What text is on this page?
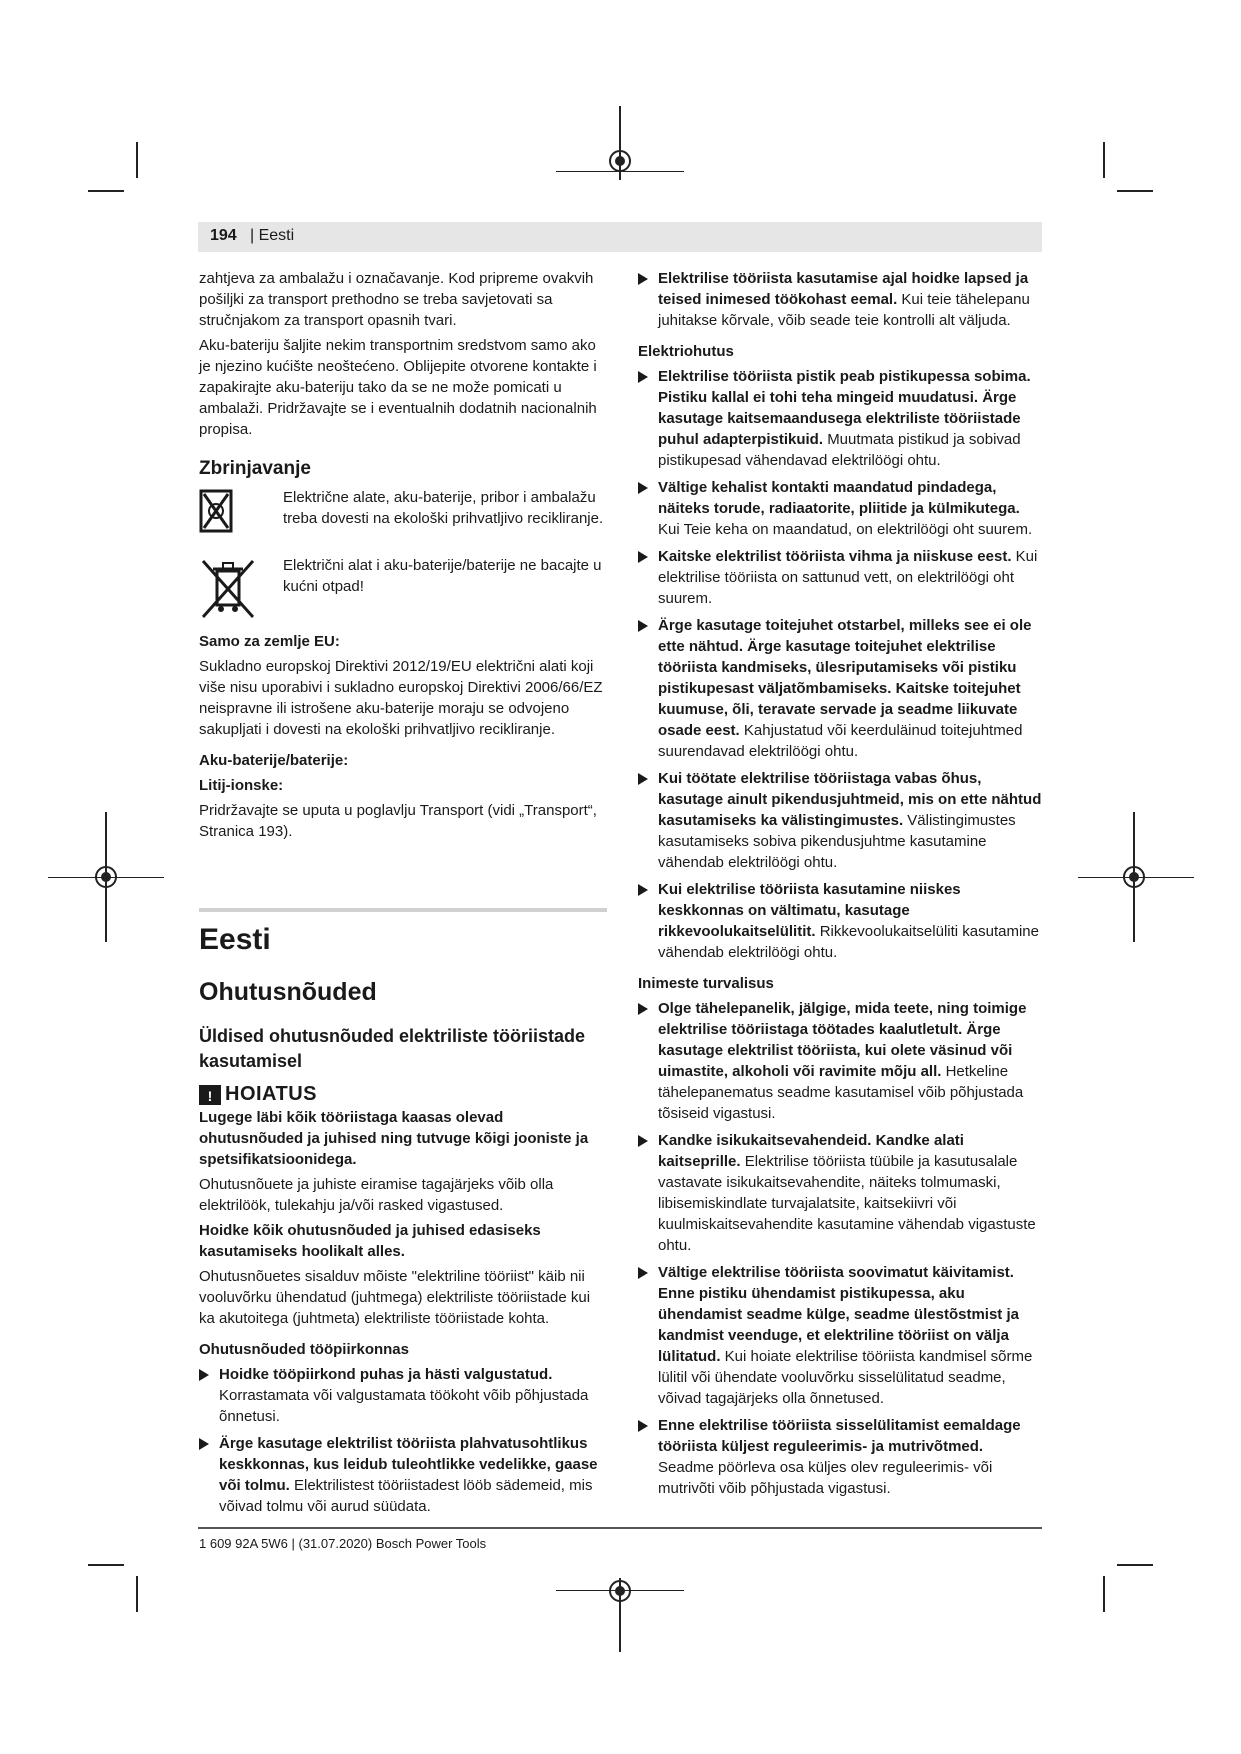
194 | Eesti

zahtjeva za ambalažu i označavanje. Kod pripreme ovakvih pošiljki za transport prethodno se treba savjetovati sa stručnjakom za transport opasnih tvari.

Aku-bateriju šaljite nekim transportnim sredstvom samo ako je njezino kućište neoštećeno. Oblijepite otvorene kontakte i zapakirajte aku-bateriju tako da se ne može pomicati u ambalaži. Pridržavajte se i eventualnih dodatnih nacionalnih propisa.

Zbrinjavanje

Električne alate, aku-baterije, pribor i ambalažu treba dovesti na ekološki prihvatljivo recikliranje.

Električni alat i aku-baterije/baterije ne bacajte u kućni otpad!

Samo za zemlje EU:

Sukladno europskoj Direktivi 2012/19/EU električni alati koji više nisu uporabivi i sukladno europskoj Direktivi 2006/66/EZ neispravne ili istrošene aku-baterije moraju se odvojeno sakupljati i dovesti na ekološki prihvatljivo recikliranje.

Aku-baterije/baterije:
Litij-ionske:

Pridržavajte se uputa u poglavlju Transport (vidi „Transport“, Stranica 193).

Eesti
Ohutusnõuded
Üldised ohutusnõuded elektriliste tööriistade kasutamisel
! HOIATUS

Lugege läbi kõik tööriistaga kaasas olevad ohutusnõuded ja juhised ning tutvuge kõigi jooniste ja spetsifikatsioonidega.

Ohutusnõuete ja juhiste eiramise tagajärjeks võib olla elektrilöök, tulekahju ja/või rasked vigastused.

Hoidke kõik ohutusnõuded ja juhised edasiseks kasutamiseks hoolikalt alles.

Ohutusnõuetes sisalduv mõiste "elektriline tööriist" käib nii vooluvõrku ühendatud (juhtmega) elektriliste tööriistade kui ka akutoitega (juhtmeta) elektriliste tööriistade kohta.

Ohutusnõuded tööpiirkonnas
Hoidke tööpiirkond puhas ja hästi valgustatud. Korrastamata või valgustamata töökoht võib põhjustada õnnetusi.
Ärge kasutage elektrilist tööriista plahvatusohtlikus keskkonnas, kus leidub tuleohtlikke vedelikke, gaase või tolmu. Elektrilistest tööriistadest lööb sädemeid, mis võivad tolmu või aurud süüdata.
Elektrilise tööriista kasutamise ajal hoidke lapsed ja teised inimesed töökohast eemal. Kui teie tähelepanu juhitakse kõrvale, võib seade teie kontrolli alt väljuda.
Elektriohutus
Elektrilise tööriista pistik peab pistikupessa sobima. Pistiku kallal ei tohi teha mingeid muudatusi. Ärge kasutage kaitsemaandusega elektriliste tööriistade puhul adapterpistikuid. Muutmata pistikud ja sobivad pistikupesad vähendavad elektrilöögi ohtu.
Vältige kehalist kontakti maandatud pindadega, näiteks torude, radiaatorite, pliitide ja külmikutega. Kui Teie keha on maandatud, on elektrilöögi oht suurem.
Kaitske elektrilist tööriista vihma ja niiskuse eest. Kui elektrilise tööriista on sattunud vett, on elektrilöögi oht suurem.
Ärge kasutage toitejuhet otstarbel, milleks see ei ole ette nähtud. Ärge kasutage toitejuhet elektrilise tööriista kandmiseks, ülesriputamiseks või pistiku pistikupesast väljatõmbamiseks. Kaitske toitejuhet kuumuse, õli, teravate servade ja seadme liikuvate osade eest. Kahjustatud või keerduläinud toitejuhtmed suurendavad elektrilöögi ohtu.
Kui töötate elektrilise tööriistaga vabas õhus, kasutage ainult pikendusjuhtmeid, mis on ette nähtud kasutamiseks ka välistingimustes. Välistingimustes kasutamiseks sobiva pikendusjuhtme kasutamine vähendab elektrilöögi ohtu.
Kui elektrilise tööriista kasutamine niiskes keskkonnas on vältimatu, kasutage rikkevoolukaitselülitit. Rikkevoolukaitselüliti kasutamine vähendab elektrilöögi ohtu.
Inimeste turvalisus
Olge tähelepanelik, jälgige, mida teete, ning toimige elektrilise tööriistaga töötades kaalutletult. Ärge kasutage elektrilist tööriista, kui olete väsinud või uimastite, alkoholi või ravimite mõju all. Hetkeline tähelepanematus seadme kasutamisel võib põhjustada tõsiseid vigastusi.
Kandke isikukaitsevahendeid. Kandke alati kaitseprille. Elektrilise tööriista tüübile ja kasutusalale vastavate isikukaitsevahendite, näiteks tolmumaski, libisemiskindlate turvajalatsite, kaitsekiivri või kuulmiskaitsevahendite kasutamine vähendab vigastuste ohtu.
Vältige elektrilise tööriista soovimatut käivitamist. Enne pistiku ühendamist pistikupessa, aku ühendamist seadme külge, seadme ülestõstmist ja kandmist veenduge, et elektriline tööriist on välja lülitatud. Kui hoiate elektrilise tööriista kandmisel sõrme lülitil või ühendate vooluvõrku sisselülitatud seadme, võivad tagajärjeks olla õnnetused.
Enne elektrilise tööriista sisselülitamist eemaldage tööriista küljest reguleerimis- ja mutrivõtmed. Seadme pöörleva osa küljes olev reguleerimis- või mutrivõti võib põhjustada vigastusi.
1 609 92A 5W6 | (31.07.2020) Bosch Power Tools
